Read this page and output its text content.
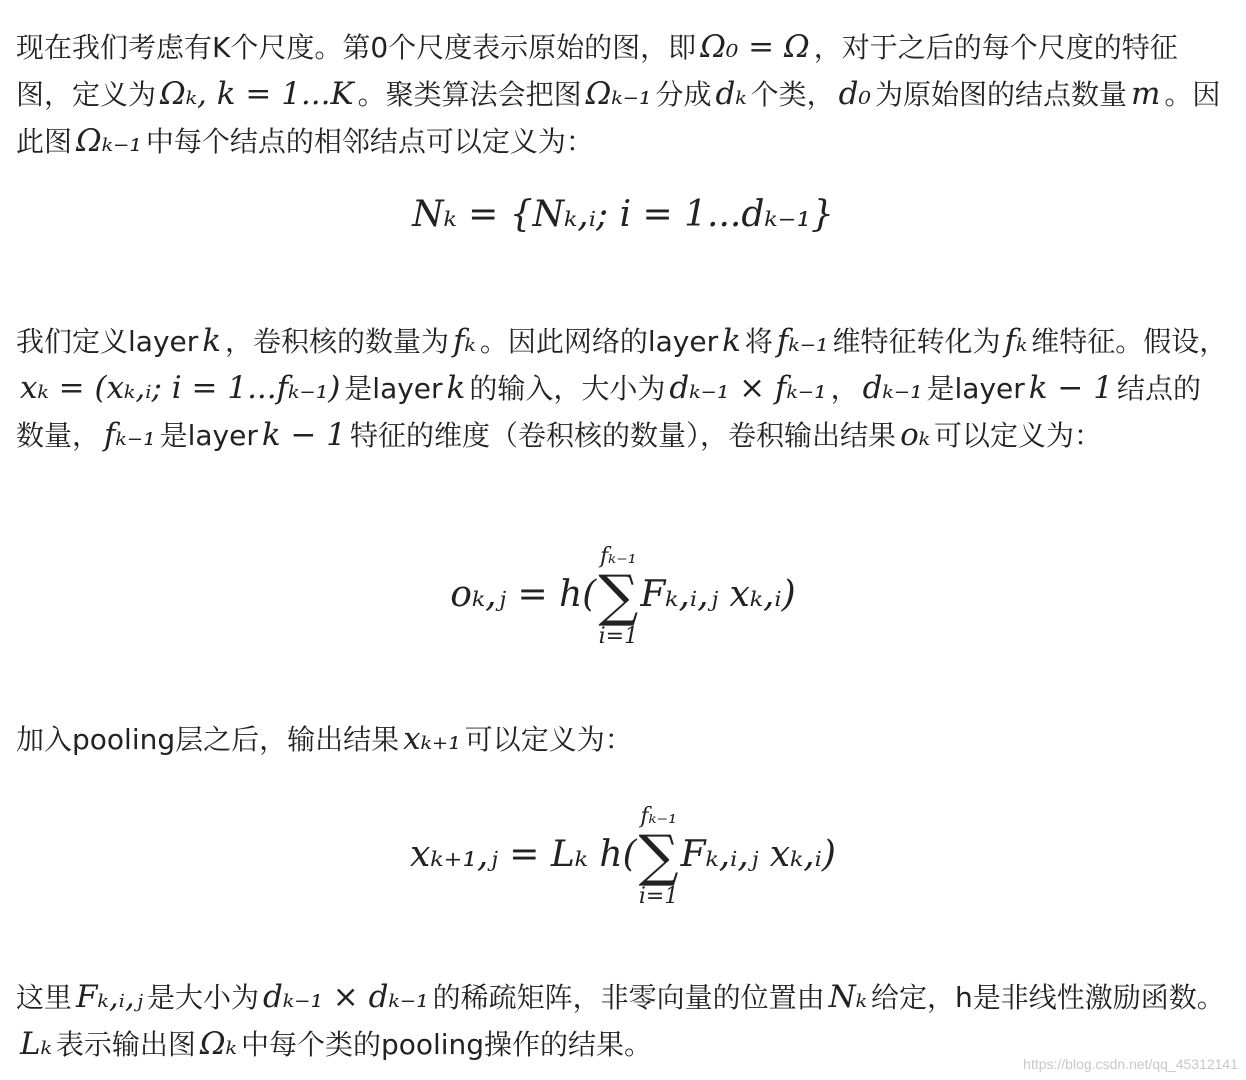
现在我们考虑有K个尺度。第0个尺度表示原始的图，即 Ω₀ = Ω ，对于之后的每个尺度的特征图，定义为 Ωₖ, k = 1...K 。聚类算法会把图 Ωₖ₋₁ 分成 dₖ 个类， d₀ 为原始图的结点数量 m 。因此图 Ωₖ₋₁ 中每个结点的相邻结点可以定义为：

Nₖ = {Nₖ,ᵢ; i = 1...dₖ₋₁}

我们定义layer k ，卷积核的数量为 fₖ 。因此网络的layer k 将 fₖ₋₁ 维特征转化为 fₖ 维特征。假设，xₖ = (xₖ,ᵢ; i = 1...fₖ₋₁) 是layer k 的输入，大小为 dₖ₋₁ × fₖ₋₁ ， dₖ₋₁ 是layer k − 1 结点的数量， fₖ₋₁ 是layer k − 1 特征的维度（卷积核的数量），卷积输出结果 oₖ 可以定义为：

oₖ,ⱼ = h(
fₖ₋₁
∑
i=1
Fₖ,ᵢ,ⱼ xₖ,ᵢ)

加入pooling层之后，输出结果 xₖ₊₁ 可以定义为：

xₖ₊₁,ⱼ = Lₖ h(
fₖ₋₁
∑
i=1
Fₖ,ᵢ,ⱼ xₖ,ᵢ)

这里 Fₖ,ᵢ,ⱼ 是大小为 dₖ₋₁ × dₖ₋₁ 的稀疏矩阵，非零向量的位置由 Nₖ 给定，h是非线性激励函数。Lₖ 表示输出图 Ωₖ 中每个类的pooling操作的结果。

https://blog.csdn.net/qq_45312141
